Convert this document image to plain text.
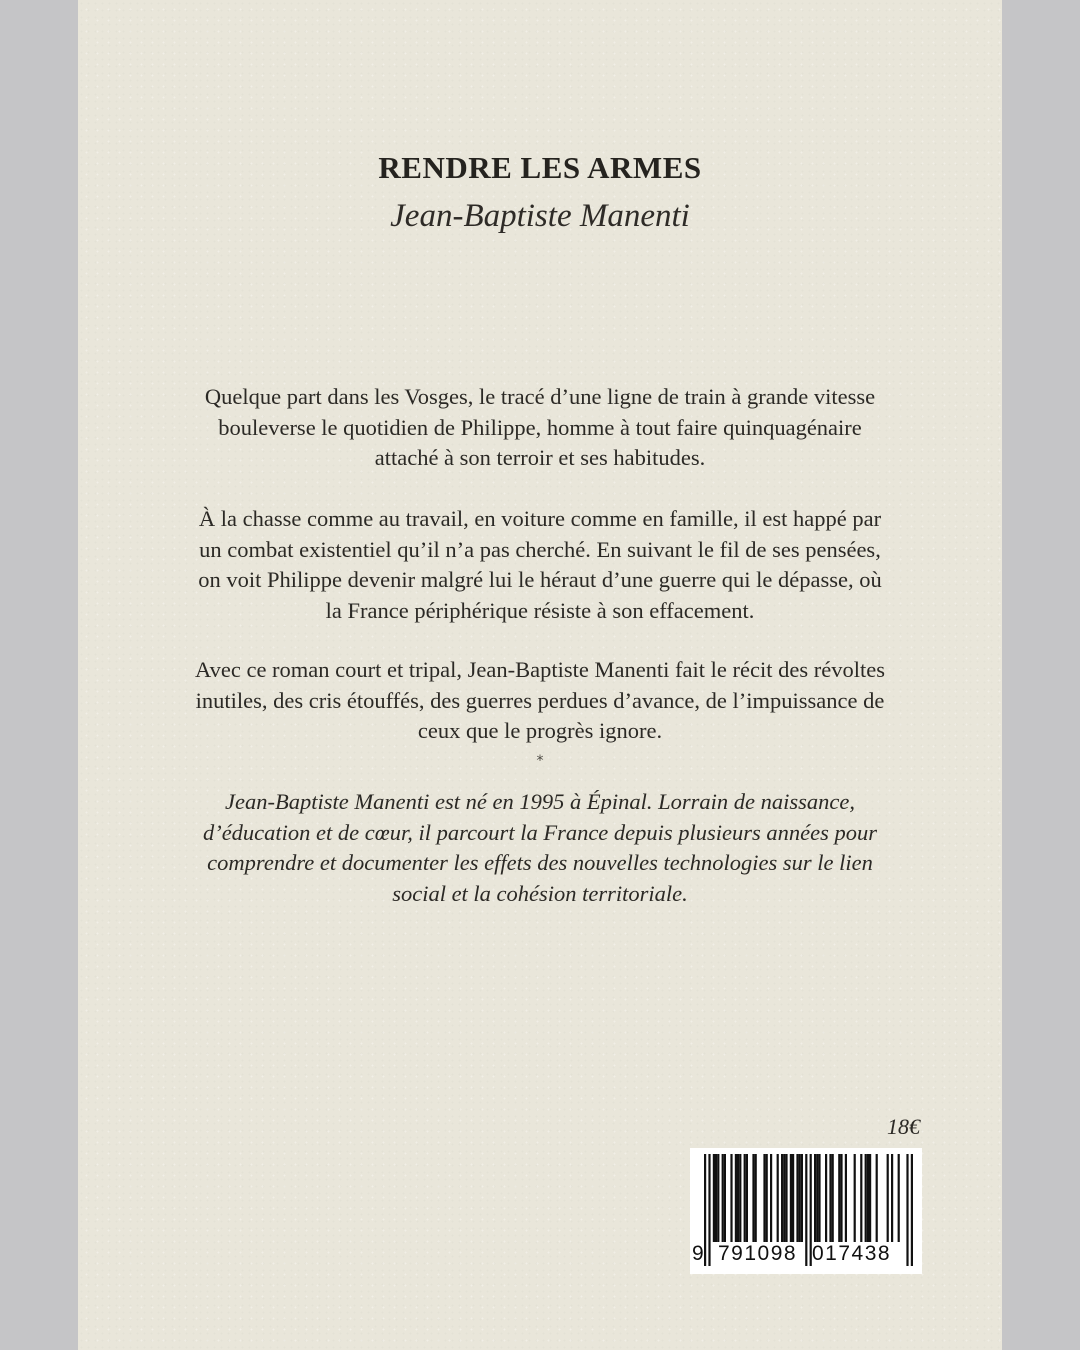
RENDRE LES ARMES
Jean-Baptiste Manenti

Quelque part dans les Vosges, le tracé d’une ligne de train à grande vitesse bouleverse le quotidien de Philippe, homme à tout faire quinquagénaire attaché à son terroir et ses habitudes.

À la chasse comme au travail, en voiture comme en famille, il est happé par un combat existentiel qu’il n’a pas cherché. En suivant le fil de ses pensées, on voit Philippe devenir malgré lui le héraut d’une guerre qui le dépasse, où la France périphérique résiste à son effacement.

Avec ce roman court et tripal, Jean-Baptiste Manenti fait le récit des révoltes inutiles, des cris étouffés, des guerres perdues d’avance, de l’impuissance de ceux que le progrès ignore.

*

Jean-Baptiste Manenti est né en 1995 à Épinal. Lorrain de naissance, d’éducation et de cœur, il parcourt la France depuis plusieurs années pour comprendre et documenter les effets des nouvelles technologies sur le lien social et la cohésion territoriale.

18€
9 791098 017438
